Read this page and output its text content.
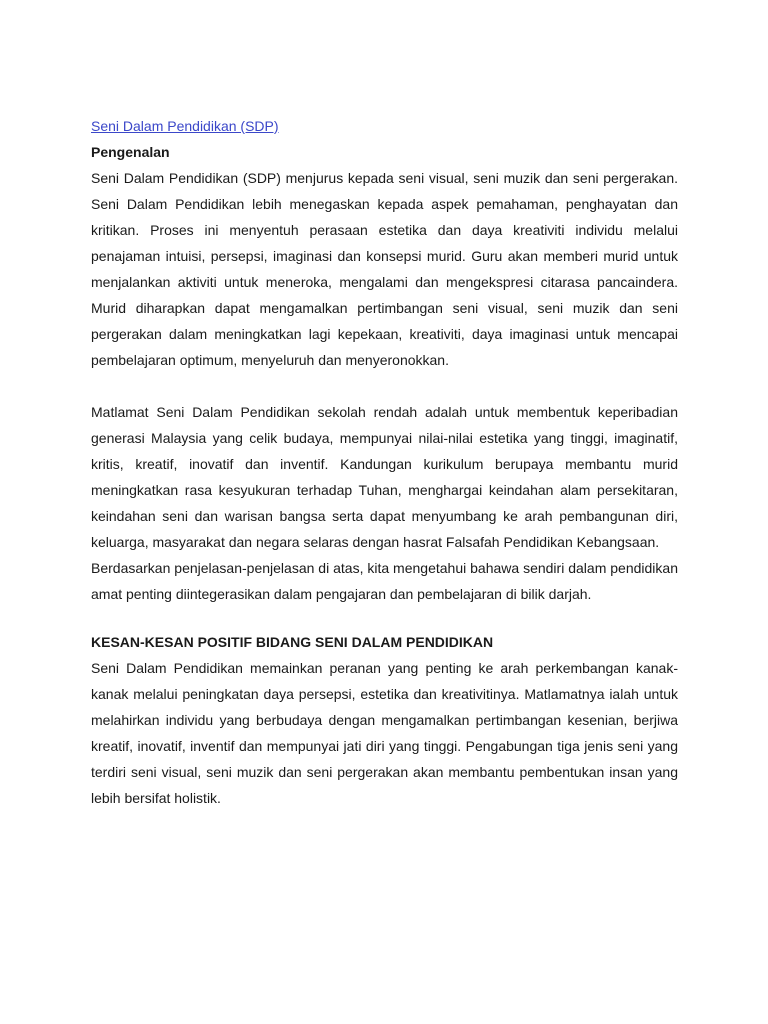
Seni Dalam Pendidikan (SDP)
Pengenalan

Seni Dalam Pendidikan (SDP) menjurus kepada seni visual, seni muzik dan seni pergerakan. Seni Dalam Pendidikan lebih menegaskan kepada aspek pemahaman, penghayatan dan kritikan. Proses ini menyentuh perasaan estetika dan daya kreativiti individu melalui penajaman intuisi, persepsi, imaginasi dan konsepsi murid. Guru akan memberi murid untuk menjalankan aktiviti untuk meneroka, mengalami dan mengekspresi citarasa pancaindera. Murid diharapkan dapat mengamalkan pertimbangan seni visual, seni muzik dan seni pergerakan dalam meningkatkan lagi kepekaan, kreativiti, daya imaginasi untuk mencapai pembelajaran optimum, menyeluruh dan menyeronokkan.

Matlamat Seni Dalam Pendidikan sekolah rendah adalah untuk membentuk keperibadian generasi Malaysia yang celik budaya, mempunyai nilai-nilai estetika yang tinggi, imaginatif, kritis, kreatif, inovatif dan inventif. Kandungan kurikulum berupaya membantu murid meningkatkan rasa kesyukuran terhadap Tuhan, menghargai keindahan alam persekitaran, keindahan seni dan warisan bangsa serta dapat menyumbang ke arah pembangunan diri, keluarga, masyarakat dan negara selaras dengan hasrat Falsafah Pendidikan Kebangsaan.

Berdasarkan penjelasan-penjelasan di atas, kita mengetahui bahawa sendiri dalam pendidikan amat penting diintegerasikan dalam pengajaran dan pembelajaran di bilik darjah.

KESAN-KESAN POSITIF BIDANG SENI DALAM PENDIDIKAN

Seni Dalam Pendidikan memainkan peranan yang penting ke arah perkembangan kanak-kanak melalui peningkatan daya persepsi, estetika dan kreativitinya. Matlamatnya ialah untuk melahirkan individu yang berbudaya dengan mengamalkan pertimbangan kesenian, berjiwa kreatif, inovatif, inventif dan mempunyai jati diri yang tinggi. Pengabungan tiga jenis seni yang terdiri seni visual, seni muzik dan seni pergerakan akan membantu pembentukan insan yang lebih bersifat holistik.
